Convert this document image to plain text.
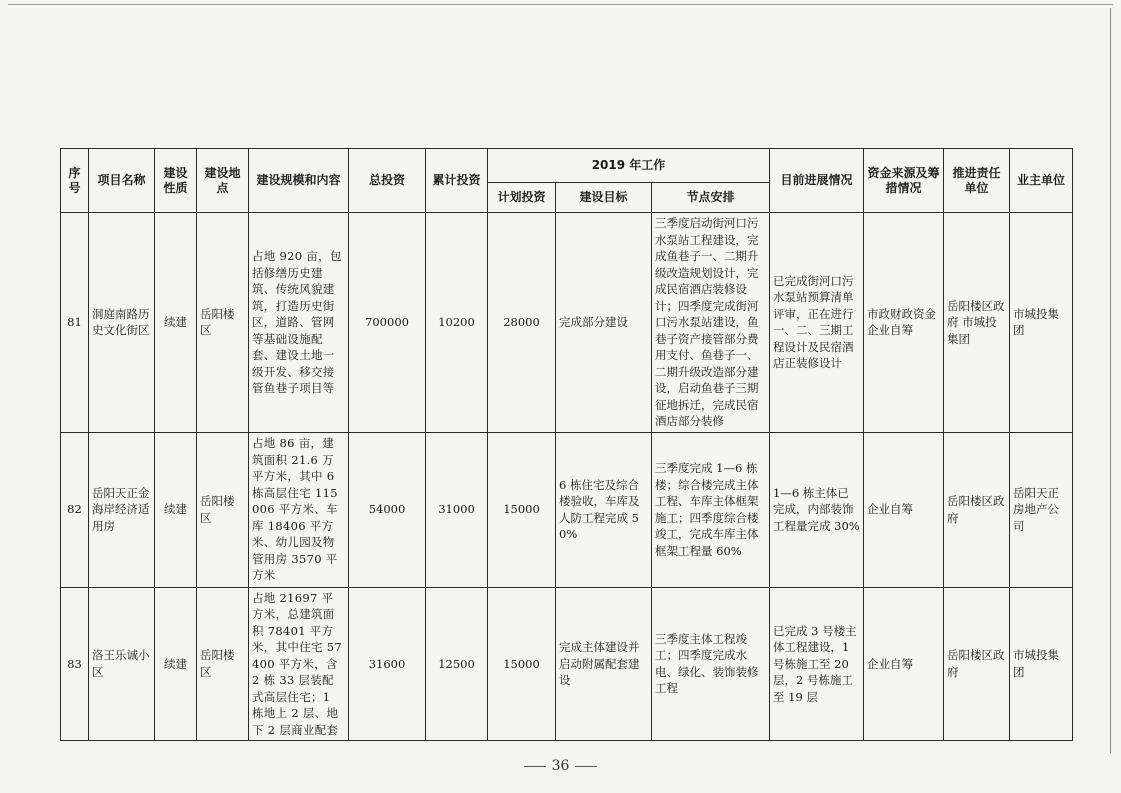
序号	项目名称	建设性质	建设地点	建设规模和内容	总投资	累计投资	2019 年工作			目前进展情况	资金来源及筹措情况	推进责任单位	业主单位
							计划投资	建设目标	节点安排				
81	洞庭南路历史文化街区	续建	岳阳楼区	占地 920 亩，包括修缮历史建筑、传统风貌建筑，打造历史街区，道路、管网等基础设施配套、建设土地一级开发、移交接管鱼巷子项目等	700000	10200	28000	完成部分建设	三季度启动街河口污水泵站工程建设，完成鱼巷子一、二期升级改造规划设计，完成民宿酒店装修设计；四季度完成街河口污水泵站建设，鱼巷子资产接管部分费用支付、鱼巷子一、二期升级改造部分建设，启动鱼巷子三期征地拆迁，完成民宿酒店部分装修	已完成街河口污水泵站预算清单评审，正在进行一、二、三期工程设计及民宿酒店正装修设计	市政财政资金 企业自筹	岳阳楼区政府 市城投集团	市城投集团
82	岳阳天正金海岸经济适用房	续建	岳阳楼区	占地 86 亩，建筑面积 21.6 万平方米，其中 6 栋高层住宅 115006 平方米、车库 18406 平方米、幼儿园及物管用房 3570 平方米	54000	31000	15000	6 栋住宅及综合楼验收，车库及人防工程完成 50%	三季度完成 1—6 栋楼；综合楼完成主体工程、车库主体框架施工；四季度综合楼竣工，完成车库主体框架工程量 60%	1—6 栋主体已完成，内部装饰工程量完成 30%	企业自筹	岳阳楼区政府	岳阳天正房地产公司
83	洛王乐诚小区	续建	岳阳楼区	占地 21697 平方米，总建筑面积 78401 平方米，其中住宅 57400 平方米，含 2 栋 33 层装配式高层住宅；1 栋地上 2 层、地下 2 层商业配套	31600	12500	15000	完成主体建设并启动附属配套建设	三季度主体工程竣工；四季度完成水电、绿化、装饰装修工程	已完成 3 号楼主体工程建设，1 号栋施工至 20 层，2 号栋施工至 19 层	企业自筹	岳阳楼区政府	市城投集团
36
